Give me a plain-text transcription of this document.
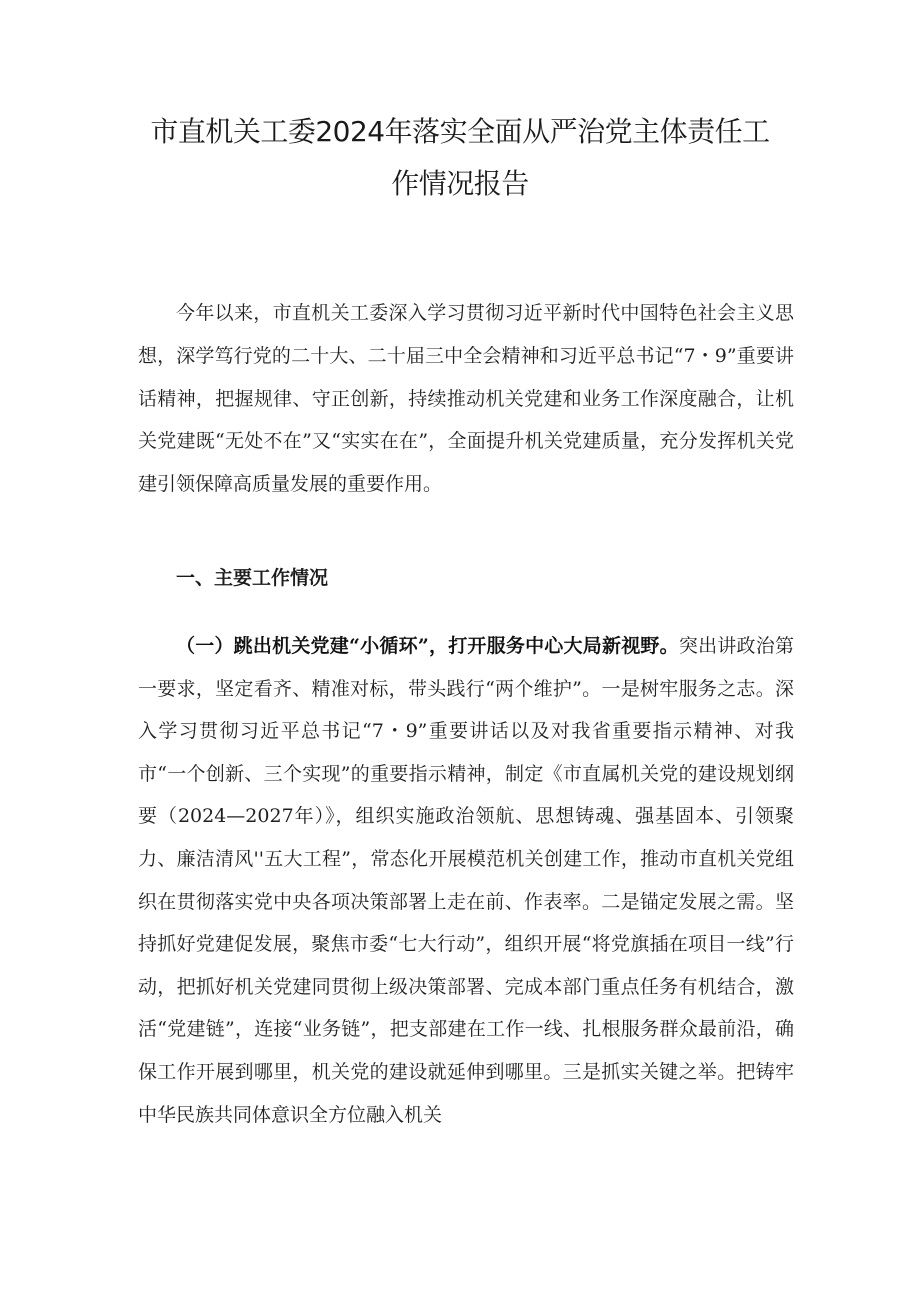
市直机关工委2024年落实全面从严治党主体责任工
作情况报告

今年以来，市直机关工委深入学习贯彻习近平新时代中国特色社会主义思想，深学笃行党的二十大、二十届三中全会精神和习近平总书记“7・9”重要讲话精神，把握规律、守正创新，持续推动机关党建和业务工作深度融合，让机关党建既“无处不在”又“实实在在”，全面提升机关党建质量，充分发挥机关党建引领保障高质量发展的重要作用。

一、主要工作情况

（一）跳出机关党建“小循环”，打开服务中心大局新视野。突出讲政治第一要求，坚定看齐、精准对标，带头践行“两个维护”。一是树牢服务之志。深入学习贯彻习近平总书记“7・9”重要讲话以及对我省重要指示精神、对我市“一个创新、三个实现”的重要指示精神，制定《市直属机关党的建设规划纲要（2024—2027年）》，组织实施政治领航、思想铸魂、强基固本、引领聚力、廉洁清风''五大工程”，常态化开展模范机关创建工作，推动市直机关党组织在贯彻落实党中央各项决策部署上走在前、作表率。二是锚定发展之需。坚持抓好党建促发展，聚焦市委“七大行动”，组织开展“将党旗插在项目一线”行动，把抓好机关党建同贯彻上级决策部署、完成本部门重点任务有机结合，激活“党建链”，连接“业务链”，把支部建在工作一线、扎根服务群众最前沿，确保工作开展到哪里，机关党的建设就延伸到哪里。三是抓实关键之举。把铸牢中华民族共同体意识全方位融入机关
